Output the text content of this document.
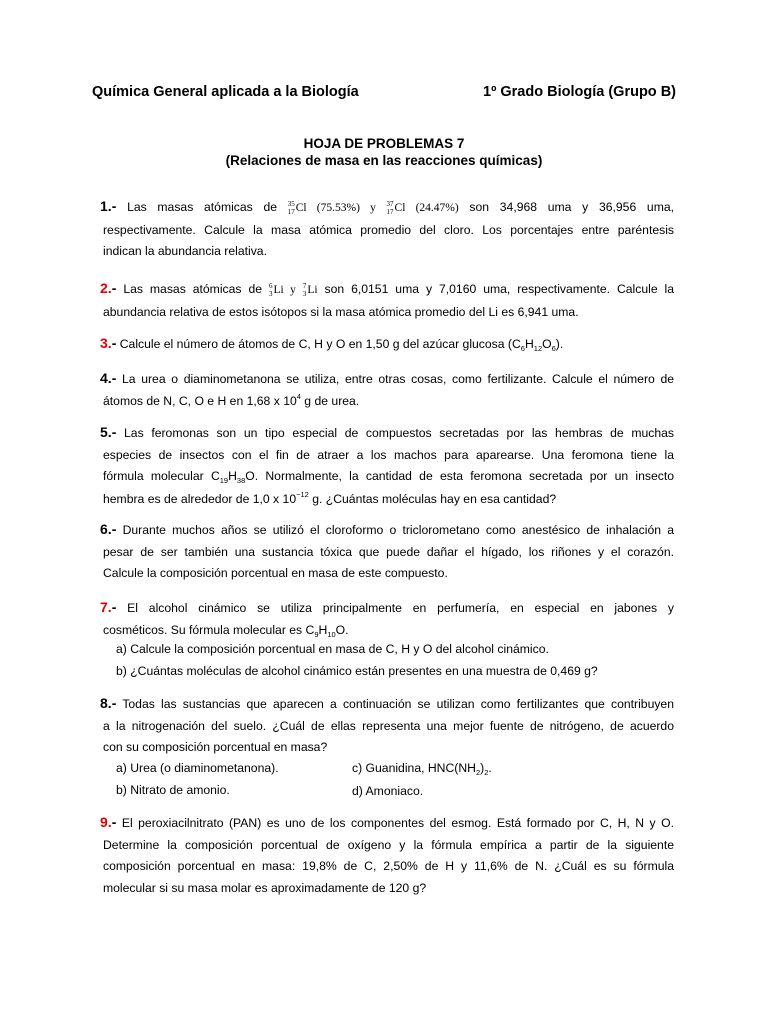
Química General aplicada a la Biología	1º Grado Biología (Grupo B)
HOJA DE PROBLEMAS 7
(Relaciones de masa en las reacciones químicas)
1.- Las masas atómicas de 35
17 Cl (75.53%) y 37
17 Cl (24.47%) son 34,968 uma y 36,956 uma,
respectivamente. Calcule la masa atómica promedio del cloro. Los porcentajes entre paréntesis
indican la abundancia relativa.
2.- Las masas atómicas de 6
3 Li y 7
3 Li son 6,0151 uma y 7,0160 uma, respectivamente. Calcule la
abundancia relativa de estos isótopos si la masa atómica promedio del Li es 6,941 uma.
3.- Calcule el número de átomos de C, H y O en 1,50 g del azúcar glucosa $(C_6H_{12}O_6)$.
4.- La urea o diaminometanona se utiliza, entre otras cosas, como fertilizante. Calcule el número de
átomos de N, C, O e H en 1,68 x $10^4$ g de urea.
5.- Las feromonas son un tipo especial de compuestos secretadas por las hembras de muchas
especies de insectos con el fin de atraer a los machos para aparearse. Una feromona tiene la
fórmula molecular $C_{19}H_{38}O$. Normalmente, la cantidad de esta feromona secretada por un insecto
hembra es de alrededor de 1,0 x $10^{-12}$ g. ¿Cuántas moléculas hay en esa cantidad?
6.- Durante muchos años se utilizó el cloroformo o triclorometano como anestésico de inhalación a
pesar de ser también una sustancia tóxica que puede dañar el hígado, los riñones y el corazón.
Calcule la composición porcentual en masa de este compuesto.
7.- El alcohol cinámico se utiliza principalmente en perfumería, en especial en jabones y
cosméticos. Su fórmula molecular es $C_9H_{10}O$.
a) Calcule la composición porcentual en masa de C, H y O del alcohol cinámico.
b) ¿Cuántas moléculas de alcohol cinámico están presentes en una muestra de 0,469 g?
8.- Todas las sustancias que aparecen a continuación se utilizan como fertilizantes que contribuyen
a la nitrogenación del suelo. ¿Cuál de ellas representa una mejor fuente de nitrógeno, de acuerdo
con su composición porcentual en masa?
a) Urea (o diaminometanona).
b) Nitrato de amonio.
c) Guanidina, $HNC(NH_2)_2$.
d) Amoniaco.
9.- El peroxiacilnitrato (PAN) es uno de los componentes del esmog. Está formado por C, H, N y O.
Determine la composición porcentual de oxígeno y la fórmula empírica a partir de la siguiente
composición porcentual en masa: 19,8% de C, 2,50% de H y 11,6% de N. ¿Cuál es su fórmula
molecular si su masa molar es aproximadamente de 120 g?
